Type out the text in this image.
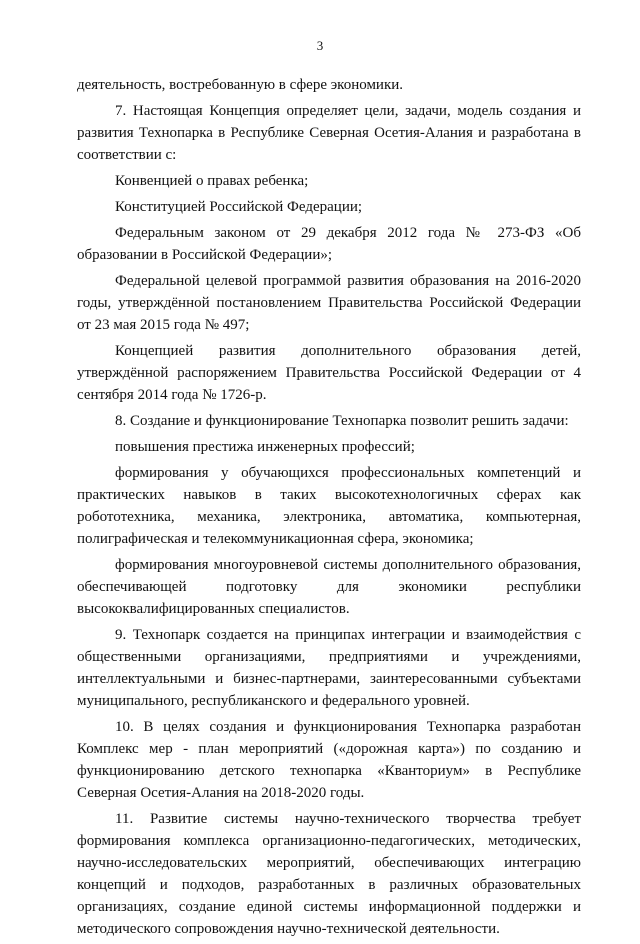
3

деятельность, востребованную в сфере экономики.

7. Настоящая Концепция определяет цели, задачи, модель создания и развития Технопарка в Республике Северная Осетия-Алания и разработана в соответствии с:

Конвенцией о правах ребенка;

Конституцией Российской Федерации;

Федеральным законом от 29 декабря 2012 года № 273-ФЗ «Об образовании в Российской Федерации»;

Федеральной целевой программой развития образования на 2016-2020 годы, утверждённой постановлением Правительства Российской Федерации от 23 мая 2015 года № 497;

Концепцией развития дополнительного образования детей, утверждённой распоряжением Правительства Российской Федерации от 4 сентября 2014 года № 1726-р.

8. Создание и функционирование Технопарка позволит решить задачи:

повышения престижа инженерных профессий;

формирования у обучающихся профессиональных компетенций и практических навыков в таких высокотехнологичных сферах как робототехника, механика, электроника, автоматика, компьютерная, полиграфическая и телекоммуникационная сфера, экономика;

формирования многоуровневой системы дополнительного образования, обеспечивающей подготовку для экономики республики высококвалифицированных специалистов.

9. Технопарк создается на принципах интеграции и взаимодействия с общественными организациями, предприятиями и учреждениями, интеллектуальными и бизнес-партнерами, заинтересованными субъектами муниципального, республиканского и федерального уровней.

10. В целях создания и функционирования Технопарка разработан Комплекс мер - план мероприятий («дорожная карта») по созданию и функционированию детского технопарка «Кванториум» в Республике Северная Осетия-Алания на 2018-2020 годы.

11. Развитие системы научно-технического творчества требует формирования комплекса организационно-педагогических, методических, научно-исследовательских мероприятий, обеспечивающих интеграцию концепций и подходов, разработанных в различных образовательных организациях, создание единой системы информационной поддержки и методического сопровождения научно-технической деятельности.
